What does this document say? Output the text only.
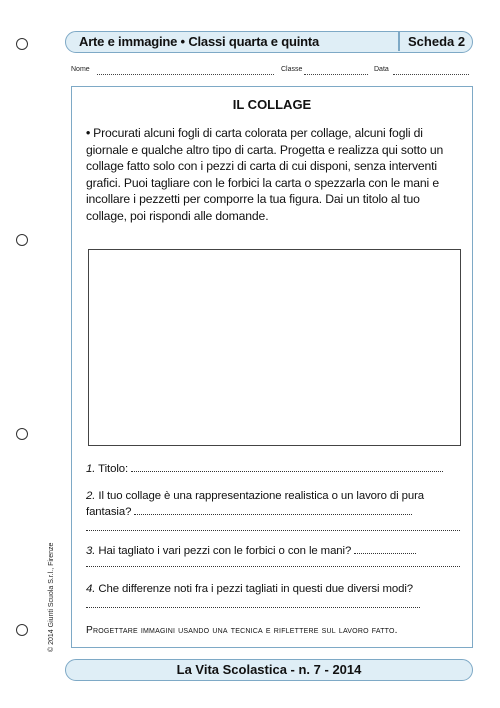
Arte e immagine • Classi quarta e quinta	Scheda 2
Nome	Classe	Data
IL COLLAGE
• Procurati alcuni fogli di carta colorata per collage, alcuni fogli di giornale e qualche altro tipo di carta. Progetta e realizza qui sotto un collage fatto solo con i pezzi di carta di cui disponi, senza interventi grafici. Puoi tagliare con le forbici la carta o spezzarla con le mani e incollare i pezzetti per comporre la tua figura. Dai un titolo al tuo collage, poi rispondi alle domande.
1. Titolo:
2. Il tuo collage è una rappresentazione realistica o un lavoro di pura fantasia?
3. Hai tagliato i vari pezzi con le forbici o con le mani?
4. Che differenze noti fra i pezzi tagliati in questi due diversi modi?
Progettare immagini usando una tecnica e riflettere sul lavoro fatto.
© 2014 Giunti Scuola S.r.l., Firenze
La Vita Scolastica - n. 7 - 2014
